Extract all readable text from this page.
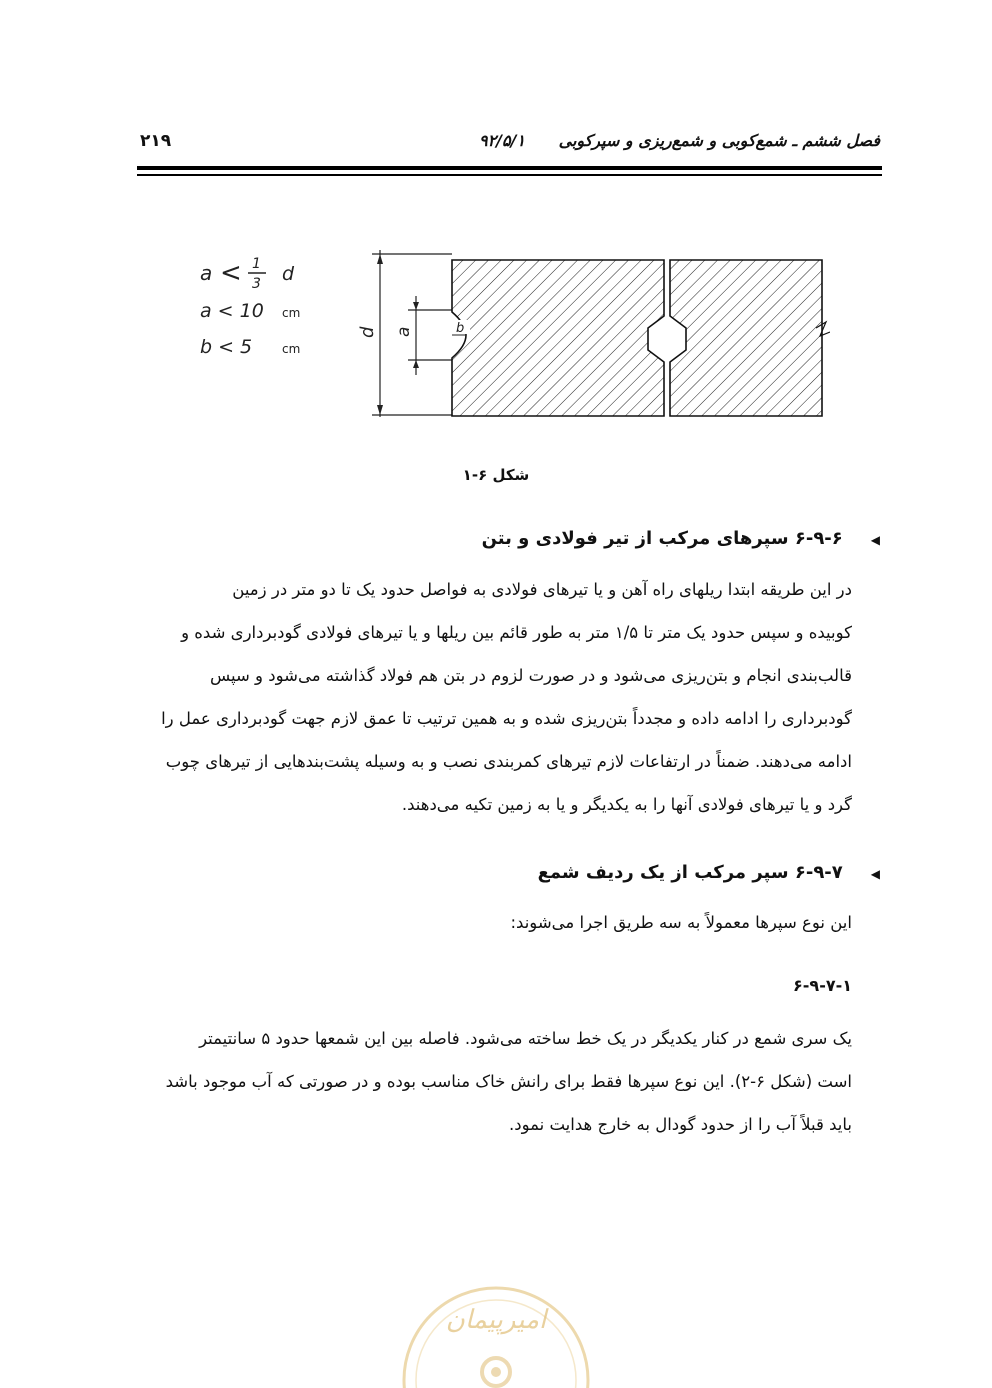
۲۱۹	فصل ششم ـ شمع‌کوبی و شمع‌ریزی و سپرکوبی ۹۲/۵/۱
a < 1
3 d
a < 10 cm
b < 5 cm
d a	b
شکل ۶-۱
◀۶-۹-۶ سپرهای مرکب از تیر فولادی و بتن
در این طریقه ابتدا ریلهای راه آهن و یا تیرهای فولادی به فواصل حدود یک تا دو متر در زمین
کوبیده و سپس حدود یک متر تا ۱/۵ متر به طور قائم بین ریلها و یا تیرهای فولادی گودبرداری شده و
قالب‌بندی انجام و بتن‌ریزی می‌شود و در صورت لزوم در بتن هم فولاد گذاشته می‌شود و سپس
گودبرداری را ادامه داده و مجدداً بتن‌ریزی شده و به همین ترتیب تا عمق لازم جهت گودبرداری عمل را
ادامه می‌دهند. ضمناً در ارتفاعات لازم تیرهای کمربندی نصب و به وسیله پشت‌بندهایی از تیرهای چوب
گرد و یا تیرهای فولادی آنها را به یکدیگر و یا به زمین تکیه می‌دهند.
◀۶-۹-۷ سپر مرکب از یک ردیف شمع
این نوع سپرها معمولاً به سه طریق اجرا می‌شوند:
۶-۹-۷-۱
یک سری شمع در کنار یکدیگر در یک خط ساخته می‌شود. فاصله بین این شمعها حدود ۵ سانتیمتر
است (شکل ۶-۲). این نوع سپرها فقط برای رانش خاک مناسب بوده و در صورتی که آب موجود باشد
باید قبلاً آب را از حدود گودال به خارج هدایت نمود.
امیرپیمان
